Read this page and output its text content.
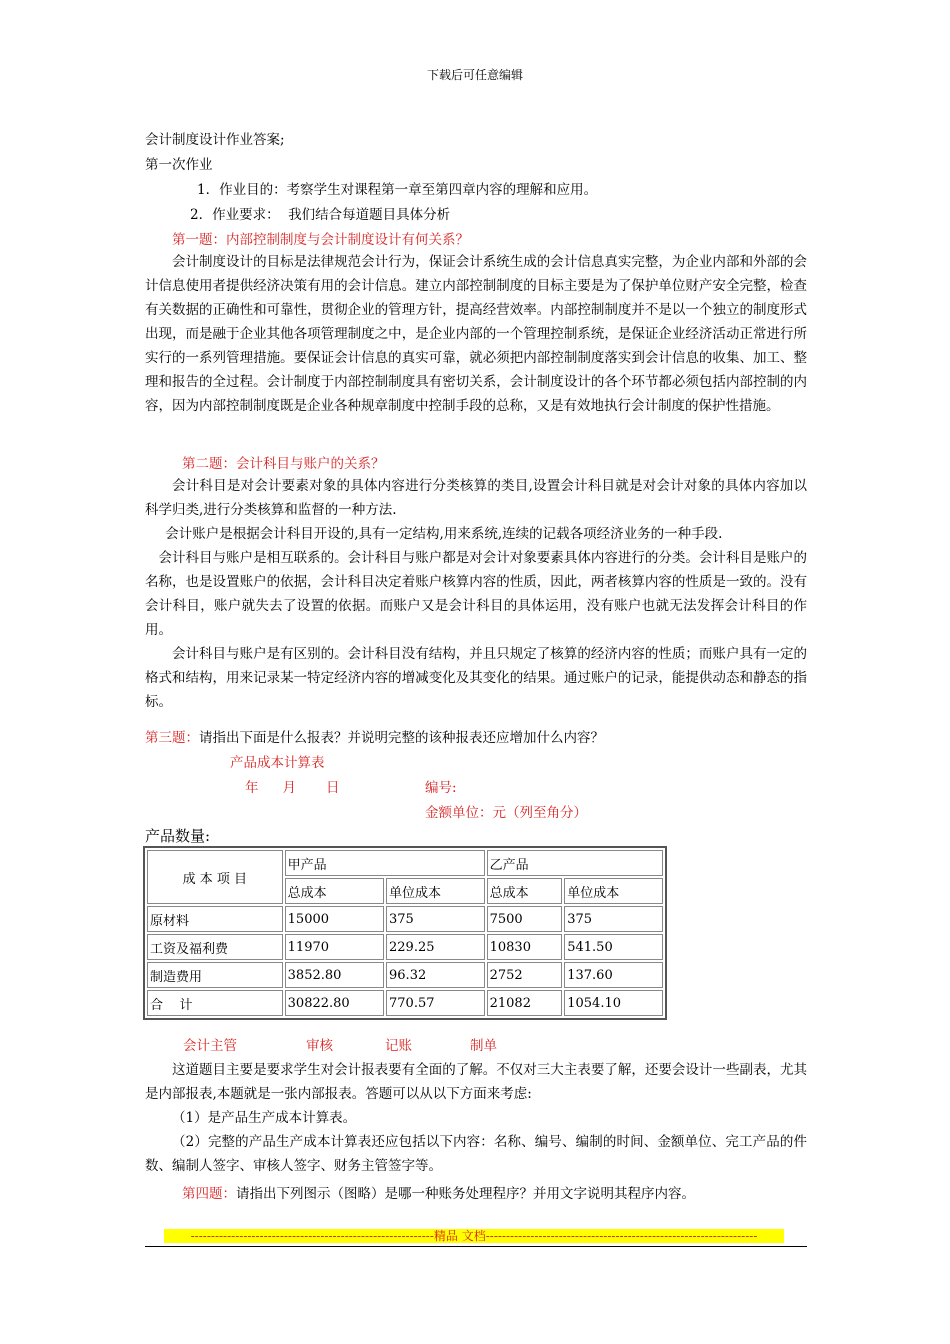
下载后可任意编辑
会计制度设计作业答案;
第一次作业
1．作业目的：考察学生对课程第一章至第四章内容的理解和应用。
2．作业要求：  我们结合每道题目具体分析
第一题：内部控制制度与会计制度设计有何关系？

会计制度设计的目标是法律规范会计行为，保证会计系统生成的会计信息真实完整，为企业内部和外部的会计信息使用者提供经济决策有用的会计信息。建立内部控制制度的目标主要是为了保护单位财产安全完整，检查有关数据的正确性和可靠性，贯彻企业的管理方针，提高经营效率。内部控制制度并不是以一个独立的制度形式出现，而是融于企业其他各项管理制度之中，是企业内部的一个管理控制系统，是保证企业经济活动正常进行所实行的一系列管理措施。要保证会计信息的真实可靠，就必须把内部控制制度落实到会计信息的收集、加工、整理和报告的全过程。会计制度于内部控制制度具有密切关系，会计制度设计的各个环节都必须包括内部控制的内容，因为内部控制制度既是企业各种规章制度中控制手段的总称，又是有效地执行会计制度的保护性措施。

第二题：会计科目与账户的关系？

会计科目是对会计要素对象的具体内容进行分类核算的类目,设置会计科目就是对会计对象的具体内容加以科学归类,进行分类核算和监督的一种方法.

会计账户是根据会计科目开设的,具有一定结构,用来系统,连续的记载各项经济业务的一种手段.

会计科目与账户是相互联系的。会计科目与账户都是对会计对象要素具体内容进行的分类。会计科目是账户的名称，也是设置账户的依据，会计科目决定着账户核算内容的性质，因此，两者核算内容的性质是一致的。没有会计科目，账户就失去了设置的依据。而账户又是会计科目的具体运用，没有账户也就无法发挥会计科目的作用。

会计科目与账户是有区别的。会计科目没有结构，并且只规定了核算的经济内容的性质；而账户具有一定的格式和结构，用来记录某一特定经济内容的增减变化及其变化的结果。通过账户的记录，能提供动态和静态的指标。

第三题：请指出下面是什么报表？并说明完整的该种报表还应增加什么内容？
产品成本计算表
年 月 日	编号:
金额单位：元（列至角分）
产品数量:
成 本 项 目	甲产品		乙产品	
	总成本	单位成本	总成本	单位成本
原材料	15000	375	7500	375
工资及福利费	11970	229.25	10830	541.50
制造费用	3852.80	96.32	2752	137.60
合    计	30822.80	770.57	21082	1054.10
会计主管	审核	记账	制单

这道题目主要是要求学生对会计报表要有全面的了解。不仅对三大主表要了解，还要会设计一些副表，尤其是内部报表,本题就是一张内部报表。答题可以从以下方面来考虑:

（1）是产品生产成本计算表。

（2）完整的产品生产成本计算表还应包括以下内容：名称、编号、编制的时间、金额单位、完工产品的件数、编制人签字、审核人签字、财务主管签字等。

第四题：请指出下列图示（图略）是哪一种账务处理程序？并用文字说明其程序内容。
------------------------------------------------------------精品 文档-------------------------------------------------------------------
